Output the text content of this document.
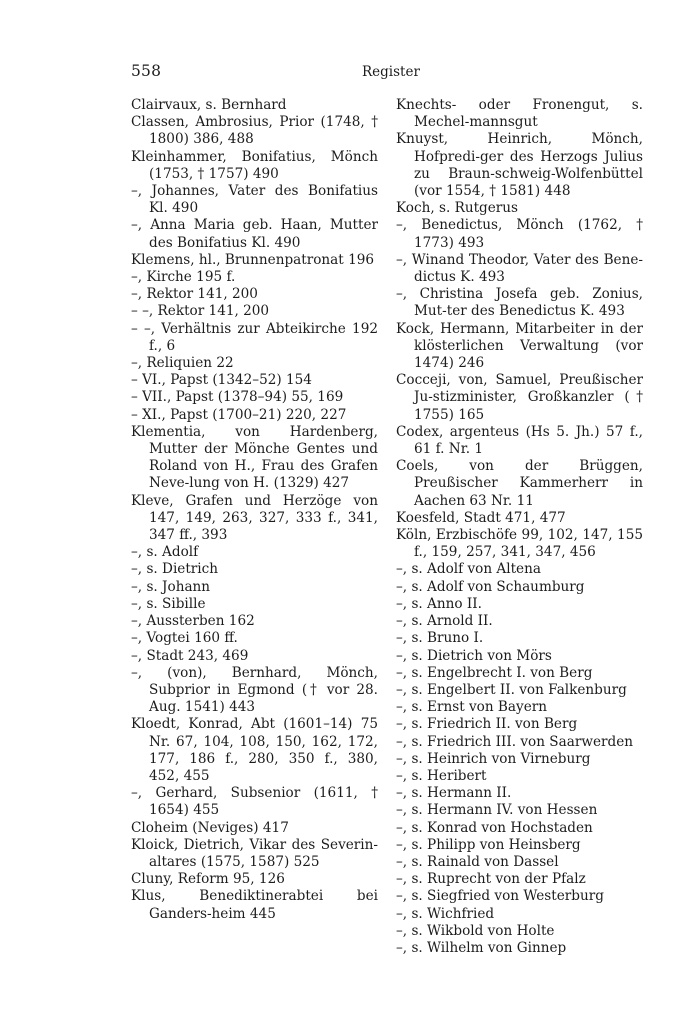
558	Register
Clairvaux, s. Bernhard
Classen, Ambrosius, Prior (1748, † 1800) 386, 488
Kleinhammer, Bonifatius, Mönch (1753, † 1757) 490
–, Johannes, Vater des Bonifatius Kl. 490
–, Anna Maria geb. Haan, Mutter des Bonifatius Kl. 490
Klemens, hl., Brunnenpatronat 196
–, Kirche 195 f.
–, Rektor 141, 200
– –, Rektor 141, 200
– –, Verhältnis zur Abteikirche 192 f., 6
–, Reliquien 22
– VI., Papst (1342–52) 154
– VII., Papst (1378–94) 55, 169
– XI., Papst (1700–21) 220, 227
Klementia, von Hardenberg, Mutter der Mönche Gentes und Roland von H., Frau des Grafen Neve-lung von H. (1329) 427
Kleve, Grafen und Herzöge von 147, 149, 263, 327, 333 f., 341, 347 ff., 393
–, s. Adolf
–, s. Dietrich
–, s. Johann
–, s. Sibille
–, Aussterben 162
–, Vogtei 160 ff.
–, Stadt 243, 469
–, (von), Bernhard, Mönch, Subprior in Egmond († vor 28. Aug. 1541) 443
Kloedt, Konrad, Abt (1601–14) 75 Nr. 67, 104, 108, 150, 162, 172, 177, 186 f., 280, 350 f., 380, 452, 455
–, Gerhard, Subsenior (1611, † 1654) 455
Cloheim (Neviges) 417
Kloick, Dietrich, Vikar des Severin-altares (1575, 1587) 525
Cluny, Reform 95, 126
Klus, Benediktinerabtei bei Ganders-heim 445
Knechts- oder Fronengut, s. Mechel-mannsgut
Knuyst, Heinrich, Mönch, Hofpredi-ger des Herzogs Julius zu Braun-schweig-Wolfenbüttel (vor 1554, † 1581) 448
Koch, s. Rutgerus
–, Benedictus, Mönch (1762, † 1773) 493
–, Winand Theodor, Vater des Bene-dictus K. 493
–, Christina Josefa geb. Zonius, Mut-ter des Benedictus K. 493
Kock, Hermann, Mitarbeiter in der klösterlichen Verwaltung (vor 1474) 246
Cocceji, von, Samuel, Preußischer Ju-stizminister, Großkanzler († 1755) 165
Codex, argenteus (Hs 5. Jh.) 57 f., 61 f. Nr. 1
Coels, von der Brüggen, Preußischer Kammerherr in Aachen 63 Nr. 11
Koesfeld, Stadt 471, 477
Köln, Erzbischöfe 99, 102, 147, 155 f., 159, 257, 341, 347, 456
–, s. Adolf von Altena
–, s. Adolf von Schaumburg
–, s. Anno II.
–, s. Arnold II.
–, s. Bruno I.
–, s. Dietrich von Mörs
–, s. Engelbrecht I. von Berg
–, s. Engelbert II. von Falkenburg
–, s. Ernst von Bayern
–, s. Friedrich II. von Berg
–, s. Friedrich III. von Saarwerden
–, s. Heinrich von Virneburg
–, s. Heribert
–, s. Hermann II.
–, s. Hermann IV. von Hessen
–, s. Konrad von Hochstaden
–, s. Philipp von Heinsberg
–, s. Rainald von Dassel
–, s. Ruprecht von der Pfalz
–, s. Siegfried von Westerburg
–, s. Wichfried
–, s. Wikbold von Holte
–, s. Wilhelm von Ginnep
